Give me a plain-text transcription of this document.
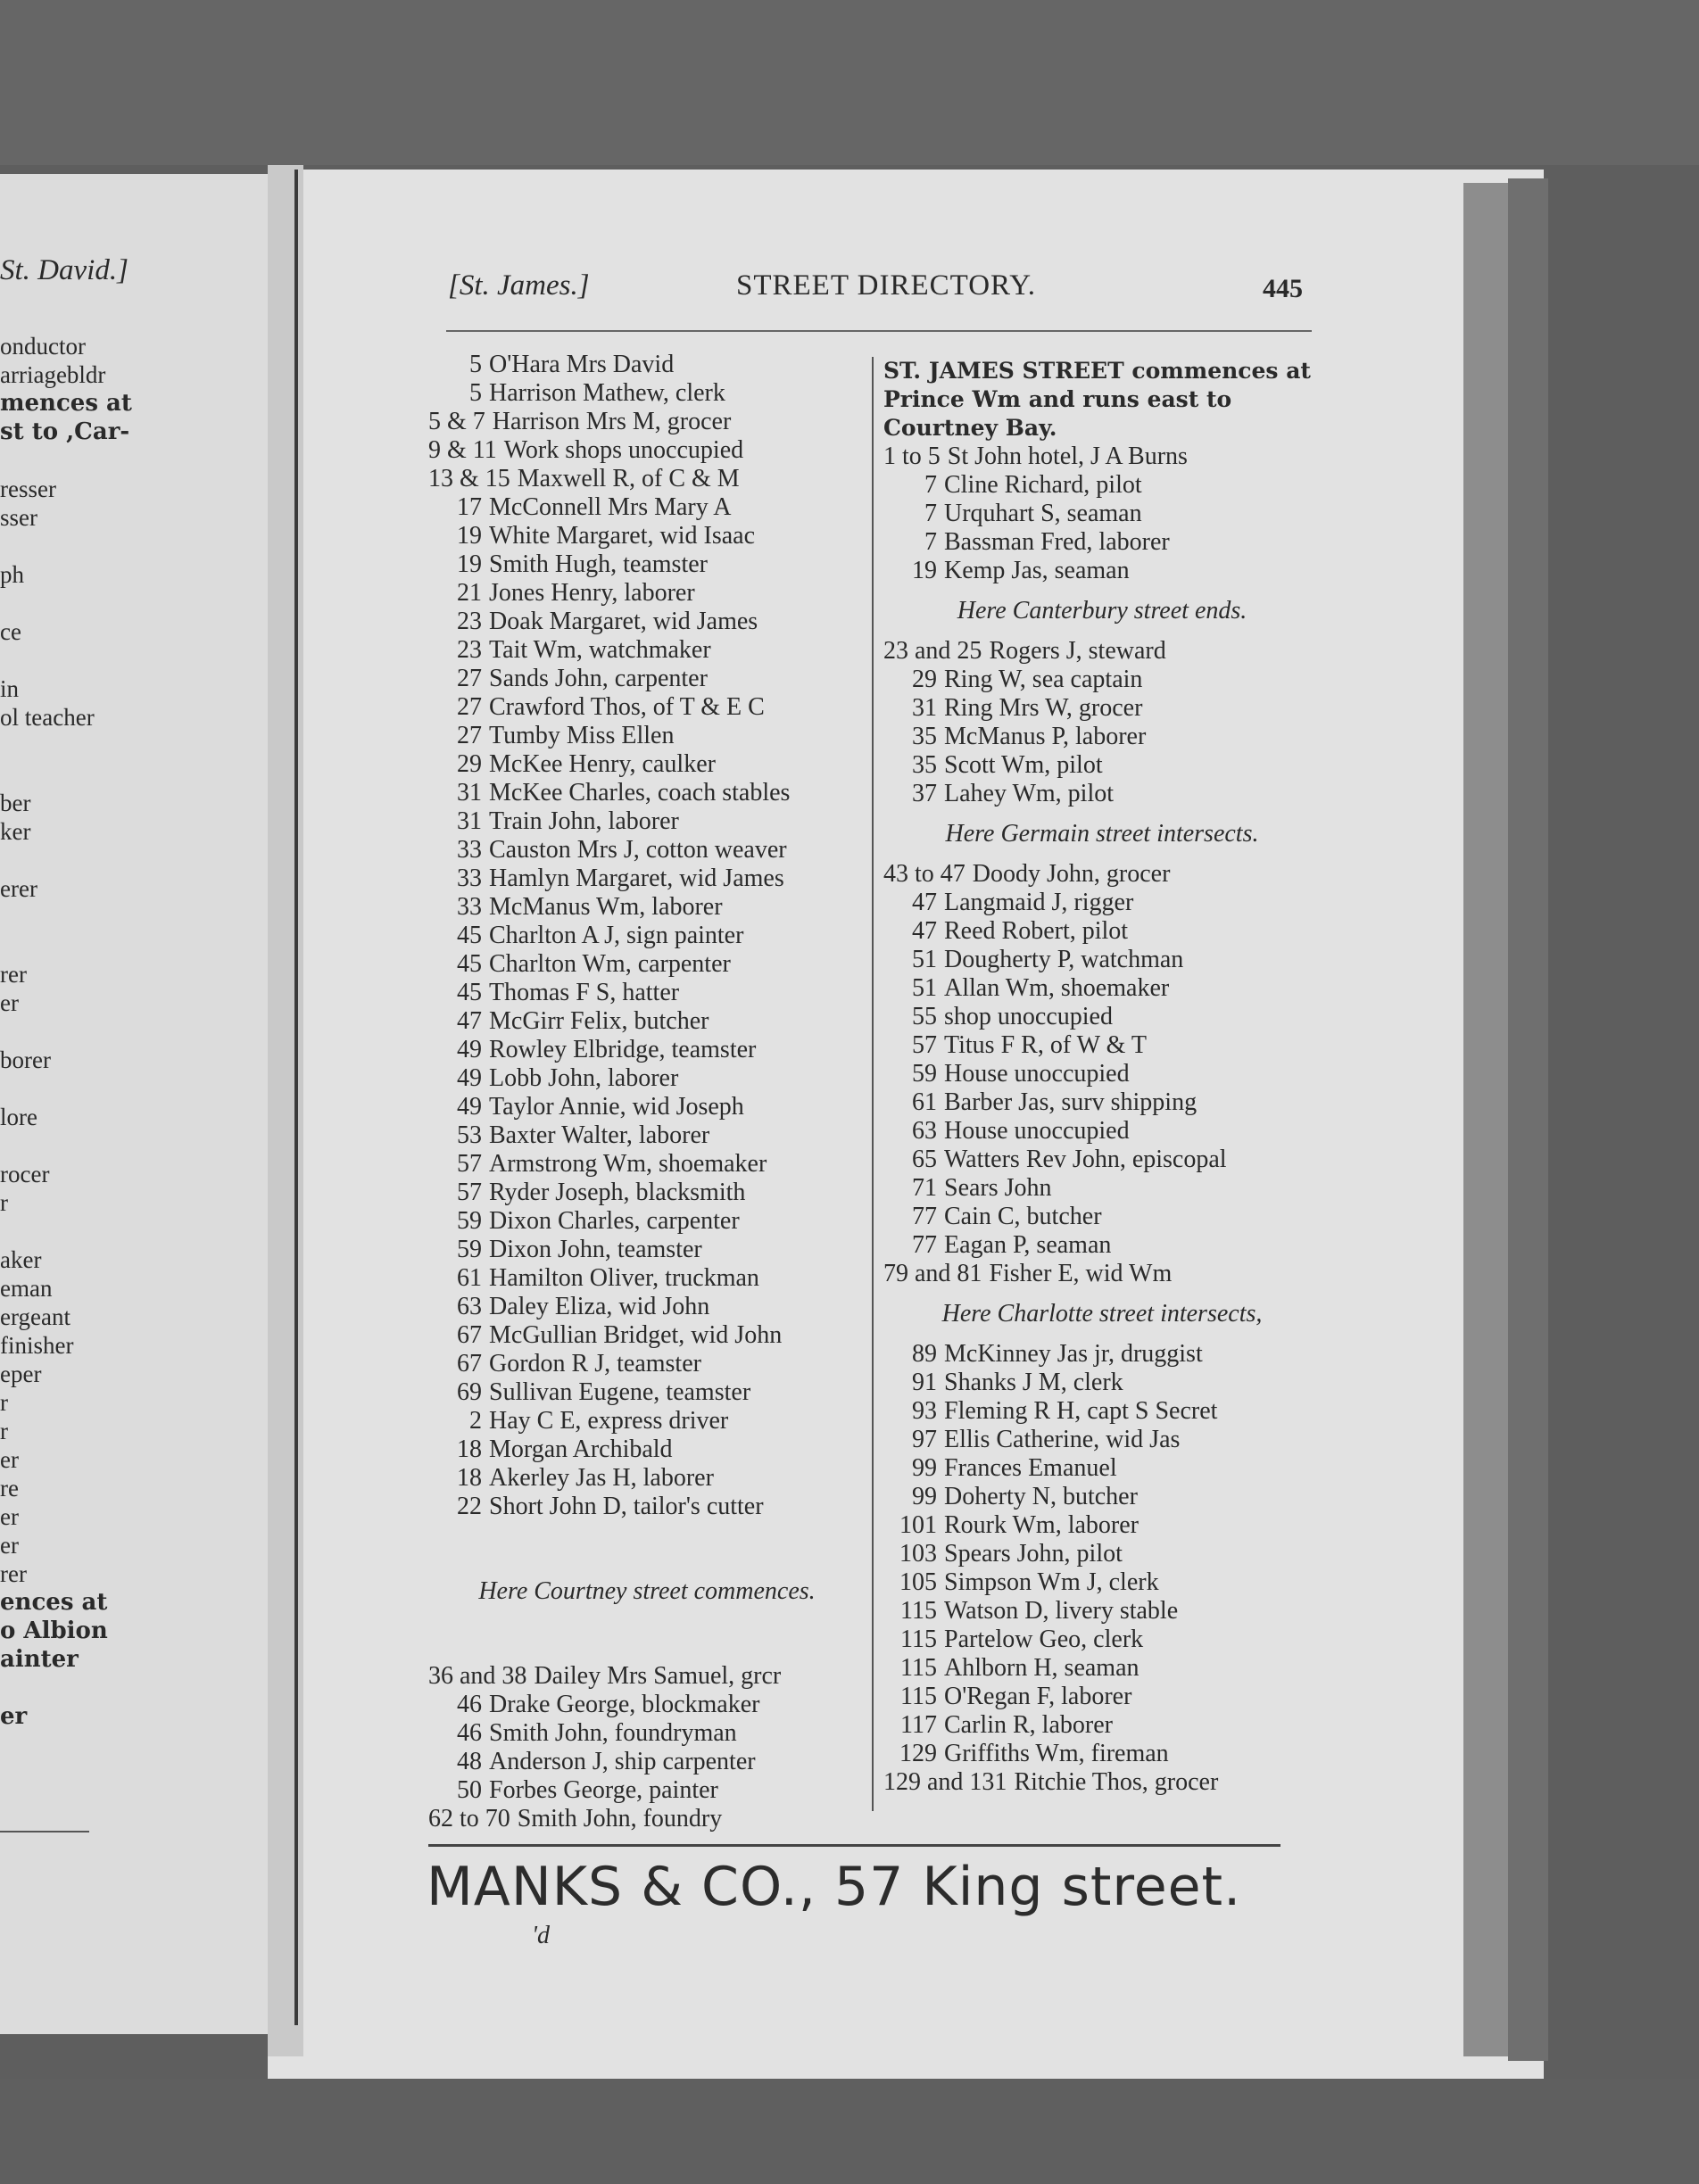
St. David.]
onductor
arriagebldr
mences at
st to ,Car-
resser
sser
ph
ce
in
ol teacher
ber
ker
erer
rer
er
borer
lore
rocer
r
aker
eman
ergeant
finisher
eper
r
r
er
re
er
er
rer
ences at
o Albion
ainter
er
[St. James.]	STREET DIRECTORY.	445
5 O'Hara Mrs David
5 Harrison Mathew, clerk
5 & 7 Harrison Mrs M, grocer
9 & 11 Work shops unoccupied
13 & 15 Maxwell R, of C & M
17 McConnell Mrs Mary A
19 White Margaret, wid Isaac
19 Smith Hugh, teamster
21 Jones Henry, laborer
23 Doak Margaret, wid James
23 Tait Wm, watchmaker
27 Sands John, carpenter
27 Crawford Thos, of T & E C
27 Tumby Miss Ellen
29 McKee Henry, caulker
31 McKee Charles, coach stables
31 Train John, laborer
33 Causton Mrs J, cotton weaver
33 Hamlyn Margaret, wid James
33 McManus Wm, laborer
45 Charlton A J, sign painter
45 Charlton Wm, carpenter
45 Thomas F S, hatter
47 McGirr Felix, butcher
49 Rowley Elbridge, teamster
49 Lobb John, laborer
49 Taylor Annie, wid Joseph
53 Baxter Walter, laborer
57 Armstrong Wm, shoemaker
57 Ryder Joseph, blacksmith
59 Dixon Charles, carpenter
59 Dixon John, teamster
61 Hamilton Oliver, truckman
63 Daley Eliza, wid John
67 McGullian Bridget, wid John
67 Gordon R J, teamster
69 Sullivan Eugene, teamster
2 Hay C E, express driver
18 Morgan Archibald
18 Akerley Jas H, laborer
22 Short John D, tailor's cutter
Here Courtney street commences.
36 and 38 Dailey Mrs Samuel, grcr
46 Drake George, blockmaker
46 Smith John, foundryman
48 Anderson J, ship carpenter
50 Forbes George, painter
62 to 70 Smith John, foundry
ST. JAMES STREET commences at Prince Wm and runs east to Courtney Bay.
1 to 5 St John hotel, J A Burns
7 Cline Richard, pilot
7 Urquhart S, seaman
7 Bassman Fred, laborer
19 Kemp Jas, seaman
Here Canterbury street ends.
23 and 25 Rogers J, steward
29 Ring W, sea captain
31 Ring Mrs W, grocer
35 McManus P, laborer
35 Scott Wm, pilot
37 Lahey Wm, pilot
Here Germain street intersects.
43 to 47 Doody John, grocer
47 Langmaid J, rigger
47 Reed Robert, pilot
51 Dougherty P, watchman
51 Allan Wm, shoemaker
55 shop unoccupied
57 Titus F R, of W & T
59 House unoccupied
61 Barber Jas, surv shipping
63 House unoccupied
65 Watters Rev John, episcopal
71 Sears John
77 Cain C, butcher
77 Eagan P, seaman
79 and 81 Fisher E, wid Wm
Here Charlotte street intersects,
89 McKinney Jas jr, druggist
91 Shanks J M, clerk
93 Fleming R H, capt S Secret
97 Ellis Catherine, wid Jas
99 Frances Emanuel
99 Doherty N, butcher
101 Rourk Wm, laborer
103 Spears John, pilot
105 Simpson Wm J, clerk
115 Watson D, livery stable
115 Partelow Geo, clerk
115 Ahlborn H, seaman
115 O'Regan F, laborer
117 Carlin R, laborer
129 Griffiths Wm, fireman
129 and 131 Ritchie Thos, grocer
MANKS & CO., 57 King street.
'd
